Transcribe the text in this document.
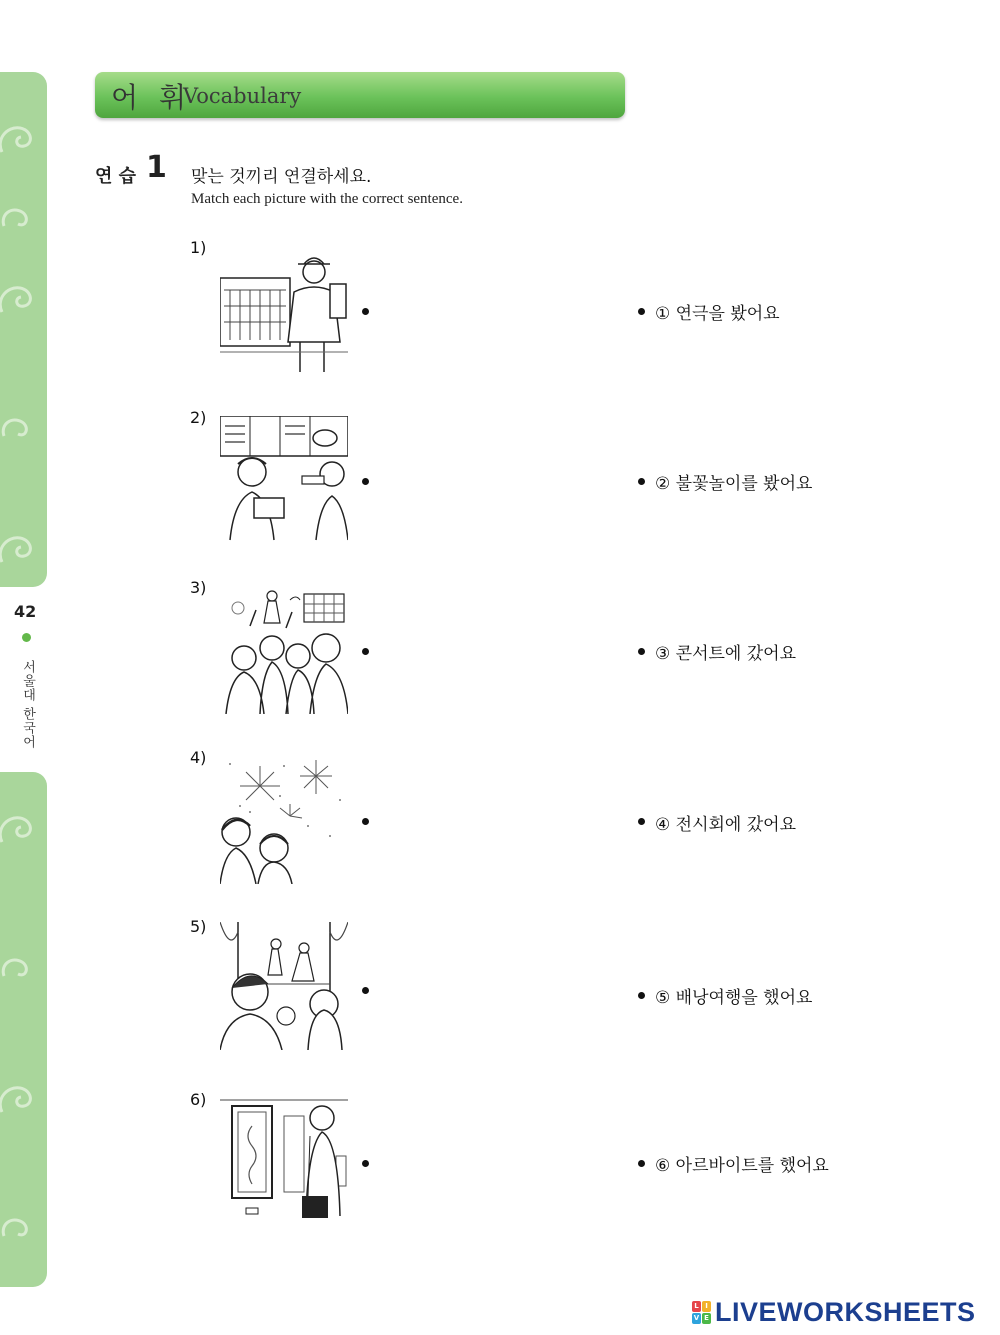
42
서울대 한국어
어 휘
Vocabulary
연 습 1 맞는 것끼리 연결하세요.
Match each picture with the correct sentence.
1)
① 연극을 봤어요
2)
② 불꽃놀이를 봤어요
3)
③ 콘서트에 갔어요
4)
④ 전시회에 갔어요
5)
⑤ 배낭여행을 했어요
6)
⑥ 아르바이트를 했어요
L I
V E LIVEWORKSHEETS
